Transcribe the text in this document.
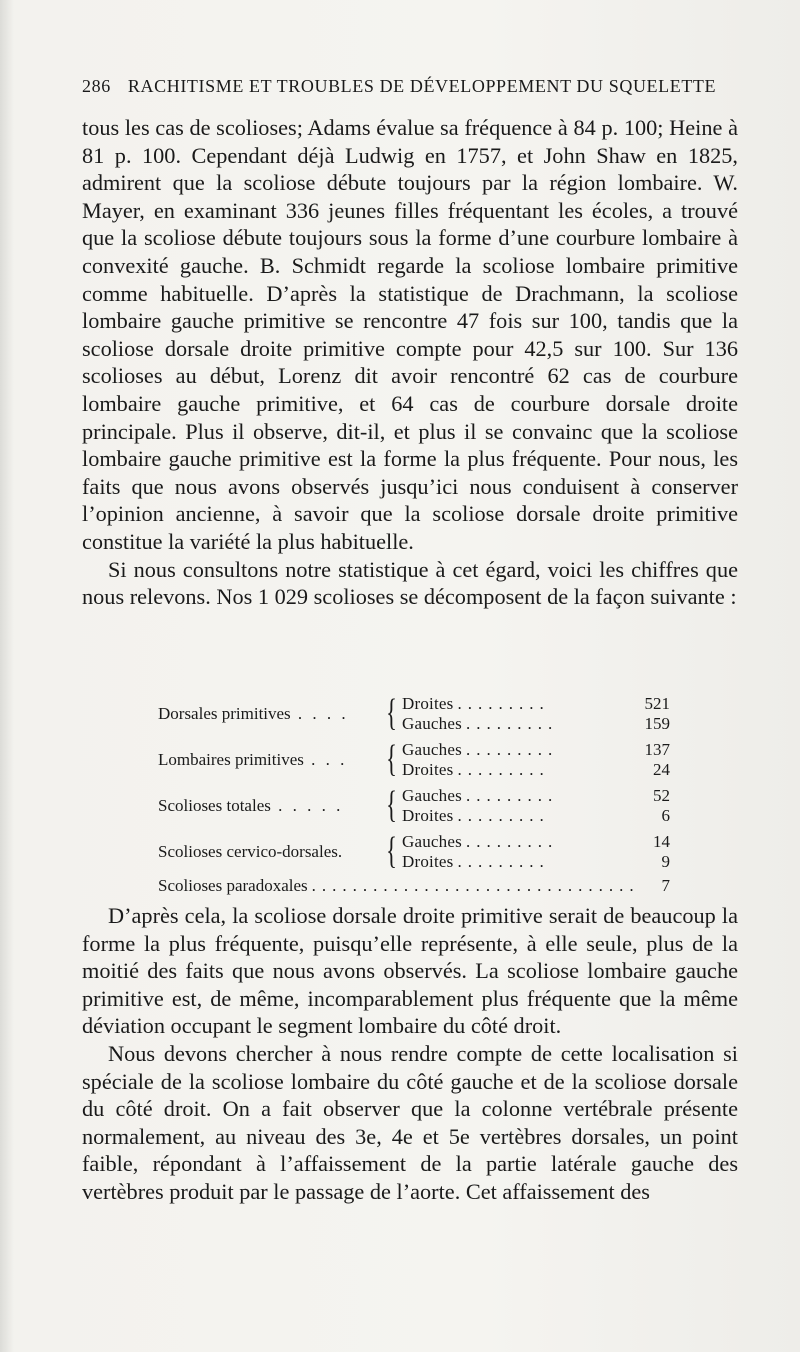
286 RACHITISME ET TROUBLES DE DÉVELOPPEMENT DU SQUELETTE

tous les cas de scolioses; Adams évalue sa fréquence à 84 p. 100; Heine à 81 p. 100. Cependant déjà Ludwig en 1757, et John Shaw en 1825, admirent que la scoliose débute toujours par la région lombaire. W. Mayer, en examinant 336 jeunes filles fréquentant les écoles, a trouvé que la scoliose débute toujours sous la forme d’une courbure lombaire à convexité gauche. B. Schmidt regarde la scoliose lombaire primitive comme habituelle. D’après la statistique de Drachmann, la scoliose lombaire gauche primitive se rencontre 47 fois sur 100, tandis que la scoliose dorsale droite primitive compte pour 42,5 sur 100. Sur 136 scolioses au début, Lorenz dit avoir rencontré 62 cas de courbure lombaire gauche primitive, et 64 cas de courbure dorsale droite principale. Plus il observe, dit-il, et plus il se convainc que la scoliose lombaire gauche primitive est la forme la plus fréquente. Pour nous, les faits que nous avons observés jusqu’ici nous conduisent à conserver l’opinion ancienne, à savoir que la scoliose dorsale droite primitive constitue la variété la plus habituelle.

Si nous consultons notre statistique à cet égard, voici les chiffres que nous relevons. Nos 1 029 scolioses se décomposent de la façon suivante :

Dorsales primitives . . . . { Droites .........	521
Gauches .........	159
Lombaires primitives . . .	{ Gauches .........	137
Droites .........	24
Scolioses totales . . . . .	{ Gauches .........	52
Droites .........	6
Scolioses cervico-dorsales.	{ Gauches .........	14
Droites .........	9
Scolioses paradoxales ................................	7

D’après cela, la scoliose dorsale droite primitive serait de beaucoup la forme la plus fréquente, puisqu’elle représente, à elle seule, plus de la moitié des faits que nous avons observés. La scoliose lombaire gauche primitive est, de même, incomparablement plus fréquente que la même déviation occupant le segment lombaire du côté droit.

Nous devons chercher à nous rendre compte de cette localisation si spéciale de la scoliose lombaire du côté gauche et de la scoliose dorsale du côté droit. On a fait observer que la colonne vertébrale présente normalement, au niveau des 3e, 4e et 5e vertèbres dorsales, un point faible, répondant à l’affaissement de la partie latérale gauche des vertèbres produit par le passage de l’aorte. Cet affaissement des
